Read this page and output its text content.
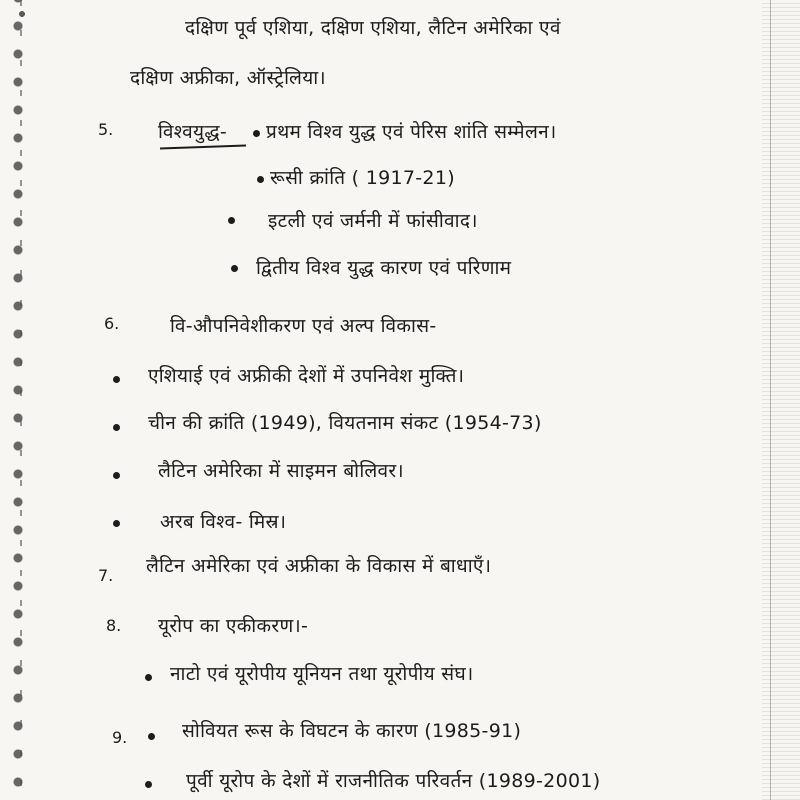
दक्षिण पूर्व एशिया, दक्षिण एशिया, लैटिन अमेरिका एवं
दक्षिण अफ्रीका, ऑस्ट्रेलिया।
5. विश्वयुद्ध- प्रथम विश्व युद्ध एवं पेरिस शांति सम्मेलन।
रूसी क्रांति ( 1917-21)
इटली एवं जर्मनी में फांसीवाद।
द्वितीय विश्व युद्ध कारण एवं परिणाम
6.	वि-औपनिवेशीकरण एवं अल्प विकास-
एशियाई एवं अफ्रीकी देशों में उपनिवेश मुक्ति।
चीन की क्रांति (1949), वियतनाम संकट (1954-73)
लैटिन अमेरिका में साइमन बोलिवर।
अरब विश्व- मिस्र।
7. लैटिन अमेरिका एवं अफ्रीका के विकास में बाधाएँ।
8. यूरोप का एकीकरण।-
नाटो एवं यूरोपीय यूनियन तथा यूरोपीय संघ।
9.	सोवियत रूस के विघटन के कारण (1985-91)
पूर्वी यूरोप के देशों में राजनीतिक परिवर्तन (1989-2001)
